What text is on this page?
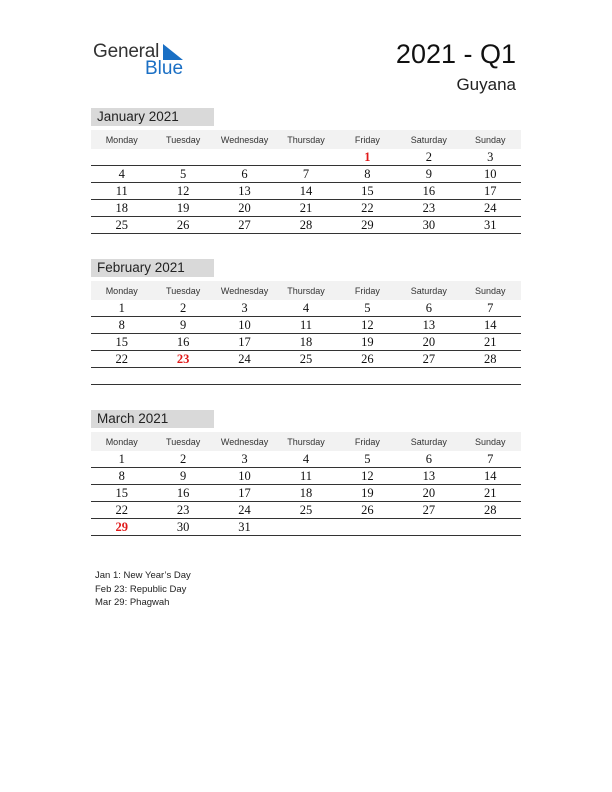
General
Blue	2021 - Q1
Guyana
January 2021
Monday	Tuesday	Wednesday	Thursday	Friday	Saturday	Sunday
				1	2	3
4	5	6	7	8	9	10
11	12	13	14	15	16	17
18	19	20	21	22	23	24
25	26	27	28	29	30	31
February 2021
Monday	Tuesday	Wednesday	Thursday	Friday	Saturday	Sunday
1	2	3	4	5	6	7
8	9	10	11	12	13	14
15	16	17	18	19	20	21
22	23	24	25	26	27	28

March 2021
Monday	Tuesday	Wednesday	Thursday	Friday	Saturday	Sunday
1	2	3	4	5	6	7
8	9	10	11	12	13	14
15	16	17	18	19	20	21
22	23	24	25	26	27	28
29	30	31				
Jan 1: New Year’s Day
Feb 23: Republic Day
Mar 29: Phagwah
